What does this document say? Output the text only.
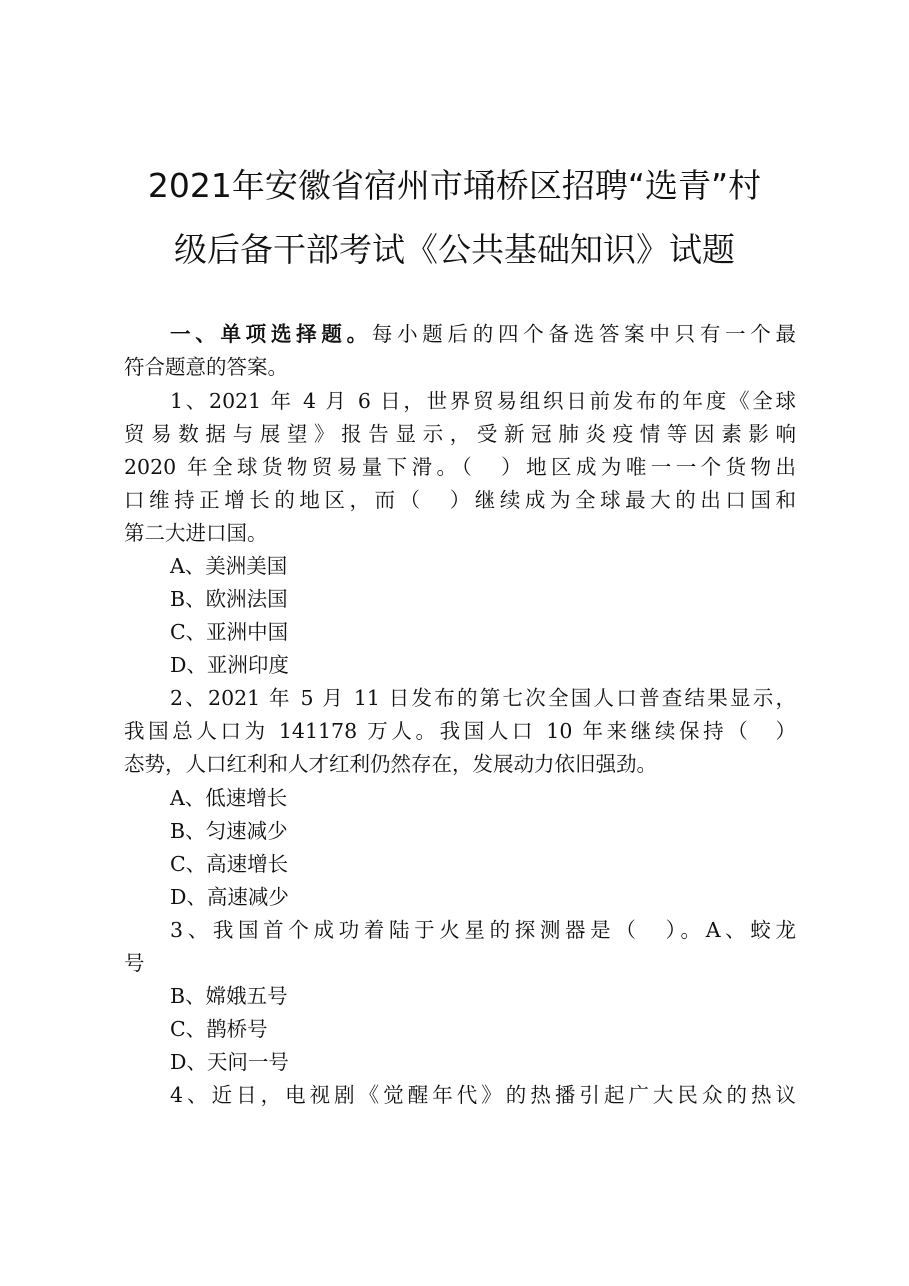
2021年安徽省宿州市埇桥区招聘“选青”村
级后备干部考试《公共基础知识》试题
一、单项选择题。每小题后的四个备选答案中只有一个最
符合题意的答案。
1、2021 年 4 月 6 日，世界贸易组织日前发布的年度《全球
贸易数据与展望》报告显示，受新冠肺炎疫情等因素影响
2020 年全球货物贸易量下滑。（　）地区成为唯一一个货物出
口维持正增长的地区，而（　）继续成为全球最大的出口国和
第二大进口国。
A、美洲美国
B、欧洲法国
C、亚洲中国
D、亚洲印度
2、2021 年 5 月 11 日发布的第七次全国人口普查结果显示，
我国总人口为 141178 万人。我国人口 10 年来继续保持（　）
态势，人口红利和人才红利仍然存在，发展动力依旧强劲。
A、低速增长
B、匀速减少
C、高速增长
D、高速减少
3、我国首个成功着陆于火星的探测器是（　）。A、蛟龙
号
B、嫦娥五号
C、鹊桥号
D、天问一号
4、近日，电视剧《觉醒年代》的热播引起广大民众的热议
